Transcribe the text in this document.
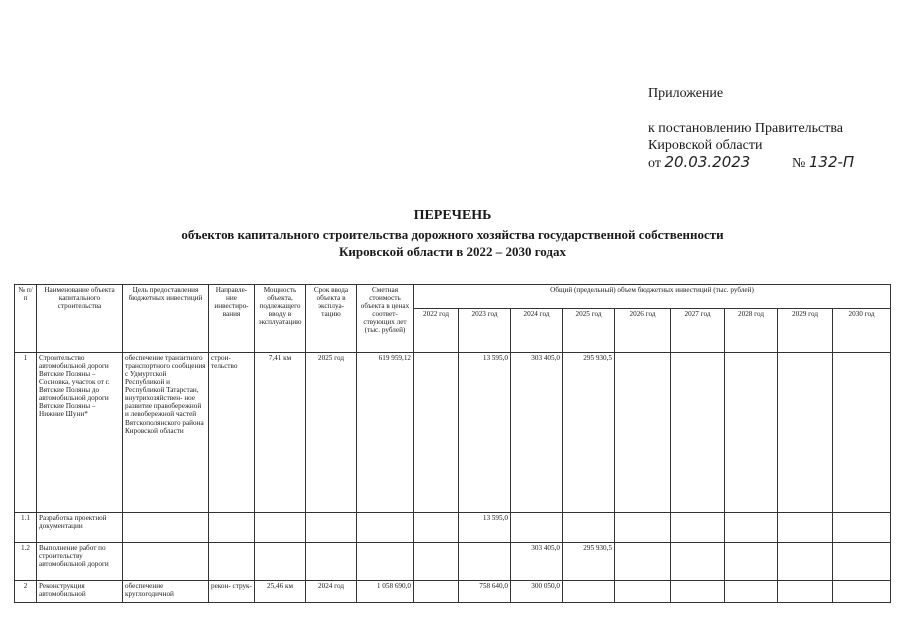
Приложение
к постановлению Правительства
Кировской области
от 20.03.2023	№ 132-П
ПЕРЕЧЕНЬ
объектов капитального строительства дорожного хозяйства государственной собственности
Кировской области в 2022 – 2030 годах
№ п/п	Наименование объекта капитального строительства	Цель предоставления бюджетных инвестиций	Направле- ние инвестиро- вания	Мощность объекта, подлежащего вводу в эксплуатацию	Срок ввода объекта в эксплуа- тацию	Сметная стоимость объекта в ценах соответ- ствующих лет (тыс. рублей)	Общий (предельный) объем бюджетных инвестиций (тыс. рублей)								
							2022 год	2023 год	2024 год	2025 год	2026 год	2027 год	2028 год	2029 год	2030 год
1	Строительство автомобильной дороги Вятские Поляны – Сосновка, участок от г. Вятские Поляны до автомобильной дороги Вятские Поляны – Нижние Шуни*	обеспечение транзитного транспортного сообщения с Удмуртской Республикой и Республикой Татарстан, внутрихозяйствен- ное развитие правобережной и левобережной частей Вятскополянского района Кировской области	строи- тельство	7,41 км	2025 год	619 959,12		13 595,0	303 405,0	295 930,5					
1.1	Разработка проектной документации							13 595,0							
1.2	Выполнение работ по строительству автомобильной дороги								303 405,0	295 930,5					
2	Реконструкция автомобильной	обеспечение круглогодичной	рекон- струк-	25,46 км	2024 год	1 058 690,0		758 640,0	300 050,0						
